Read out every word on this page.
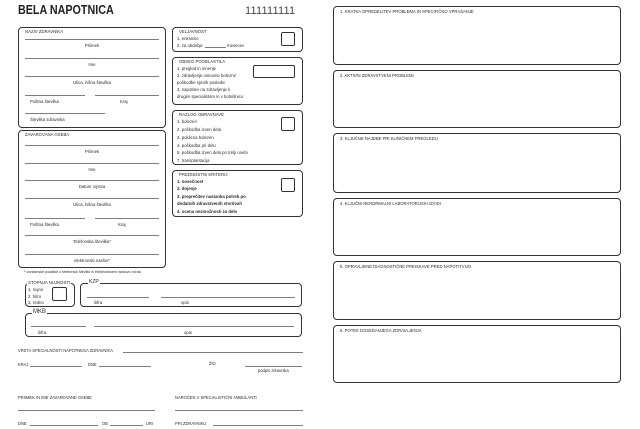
BELA NAPOTNICA	111111111
NAZIV ZDRAVNIKA
Priimek
Ime
Ulica, hišna številka
Poštna številka	Kraj
Številka zdravnika
ZAVAROVANA OSEBA
Priimek
Ime
Datum rojstva
Ulica, hišna številka
Poštna številka	Kraj
Telefonska številka*
elektronski naslov*
* vontainske podatke o telefonski številki in elektronskem naslovu ročna
VELJAVNOST
1. enkratno
2. za obdobje	mesecev
OBSEG POOBLASTILA
1. pregled in mnenje
2. zdravljenje osnovne bolezni/
poškodbe njenih posledic
3. napotitev na zdravljenje k
drugim specialistom in v bolnišnico
RAZLOG OBRAVNAVE
1. bolezen
2. poškodba izven dela
3. poklicna bolezen
4. poškodba pri delu
5. poškodba izven dela po tretji osebi
7. transplantacija
PREDNOSTNI KRITERIJ
1. nosečnost
2. dojenje
3. preprečitev nastanka potreb po
dodatnih zdravstvenih storitvah
4. ocena nezmožnosti za delo
STOPNJA NUJNOSTI
1. nujno
2. hitro
3. redno
KZP
šifra	opis
MKB
šifra	opis
VRSTA SPECIALNOSTI NAPOTNEGA ZDRAVNIKA
KRAJ	DNE	ŽIG
podpis zdravnika
PRIIMEK IN IME ZAVAROVANE OSEBE	NAROČEN V SPECIALISTIČNI AMBULANTI
DNE	OB	URI	PRI ZDRAVNIKU
1. KRATKA OPREDELITEV PROBLEMA IN SPECIFIČNO VPRAŠANJE
2. AKTIVNI ZDRAVSTVENI PROBLEMI
3. KLJUČNE NAJDBE PRI KLINIČNEM PREGLEDU
4. KLJUČNI NENORMALNI LABORATORIJSKI IZVIDI
5. OPRAVLJENE DIAGNOSTIČNE PREISKAVE PRED NAPOTITVIJO
6. POTEK DOSEDANJEGA ZDRAVLJENJA
